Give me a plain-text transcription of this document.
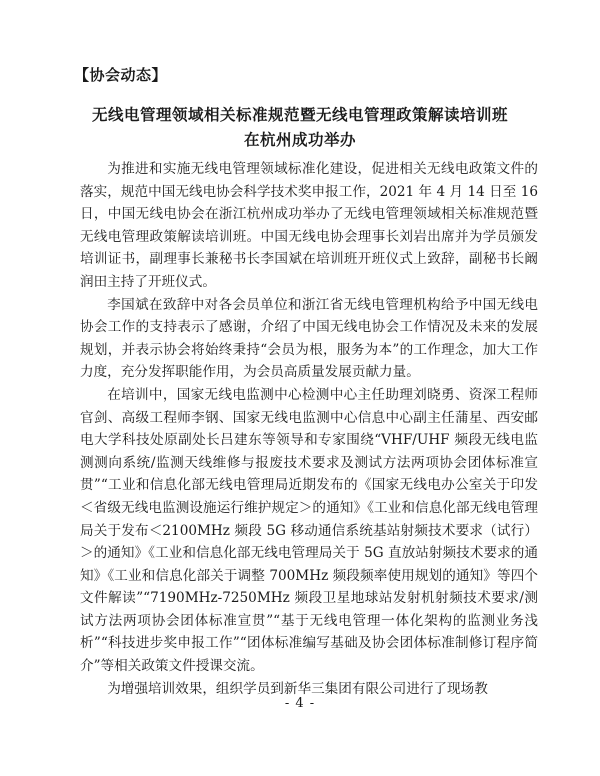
【协会动态】
无线电管理领域相关标准规范暨无线电管理政策解读培训班
在杭州成功举办

为推进和实施无线电管理领域标准化建设，促进相关无线电政策文件的落实，规范中国无线电协会科学技术奖申报工作，2021 年 4 月 14 日至 16 日，中国无线电协会在浙江杭州成功举办了无线电管理领域相关标准规范暨无线电管理政策解读培训班。中国无线电协会理事长刘岩出席并为学员颁发培训证书，副理事长兼秘书长李国斌在培训班开班仪式上致辞，副秘书长阚润田主持了开班仪式。

李国斌在致辞中对各会员单位和浙江省无线电管理机构给予中国无线电协会工作的支持表示了感谢，介绍了中国无线电协会工作情况及未来的发展规划，并表示协会将始终秉持“会员为根，服务为本”的工作理念，加大工作力度，充分发挥职能作用，为会员高质量发展贡献力量。

在培训中，国家无线电监测中心检测中心主任助理刘晓勇、资深工程师官剑、高级工程师李钢、国家无线电监测中心信息中心副主任蒲星、西安邮电大学科技处原副处长吕建东等领导和专家围绕“VHF/UHF 频段无线电监测测向系统/监测天线维修与报废技术要求及测试方法两项协会团体标准宣贯”“工业和信息化部无线电管理局近期发布的《国家无线电办公室关于印发＜省级无线电监测设施运行维护规定＞的通知》《工业和信息化部无线电管理局关于发布＜2100MHz 频段 5G 移动通信系统基站射频技术要求（试行）＞的通知》《工业和信息化部无线电管理局关于 5G 直放站射频技术要求的通知》《工业和信息化部关于调整 700MHz 频段频率使用规划的通知》等四个文件解读”“7190MHz-7250MHz 频段卫星地球站发射机射频技术要求/测试方法两项协会团体标准宣贯”“基于无线电管理一体化架构的监测业务浅析”“科技进步奖申报工作”“团体标准编写基础及协会团体标准制修订程序简介”等相关政策文件授课交流。

为增强培训效果，组织学员到新华三集团有限公司进行了现场教

- 4 -
